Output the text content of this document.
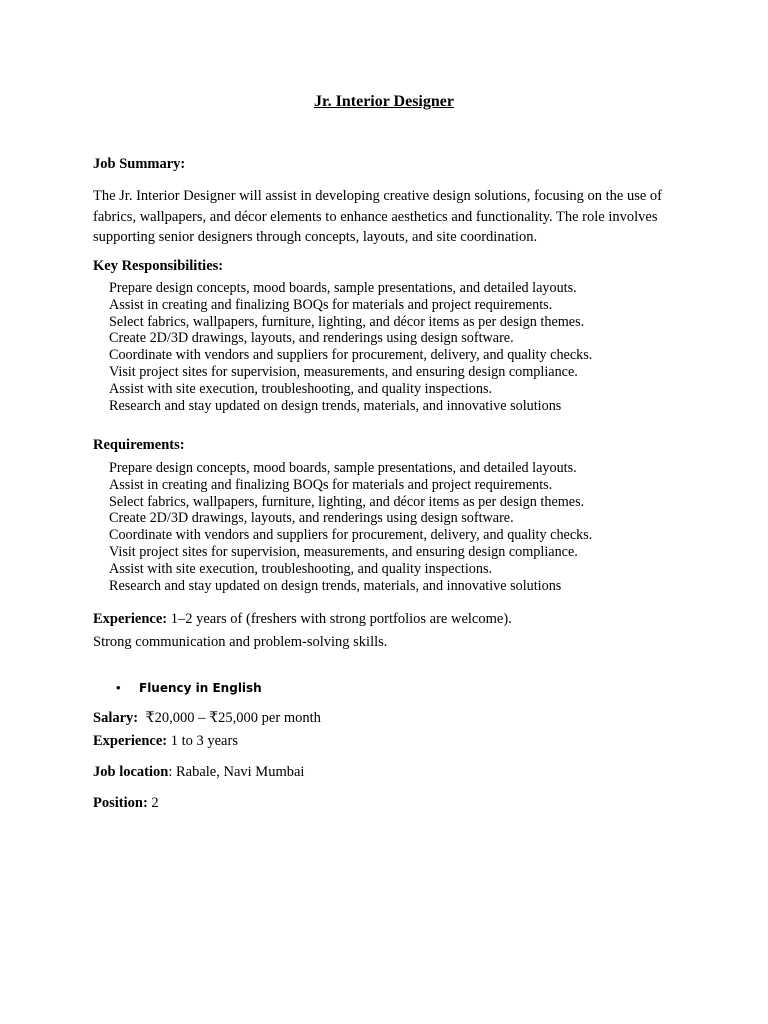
Jr. Interior Designer
Job Summary:
The Jr. Interior Designer will assist in developing creative design solutions, focusing on the use of fabrics, wallpapers, and décor elements to enhance aesthetics and functionality. The role involves supporting senior designers through concepts, layouts, and site coordination.
Key Responsibilities:
Prepare design concepts, mood boards, sample presentations, and detailed layouts.
Assist in creating and finalizing BOQs for materials and project requirements.
Select fabrics, wallpapers, furniture, lighting, and décor items as per design themes.
Create 2D/3D drawings, layouts, and renderings using design software.
Coordinate with vendors and suppliers for procurement, delivery, and quality checks.
Visit project sites for supervision, measurements, and ensuring design compliance.
Assist with site execution, troubleshooting, and quality inspections.
Research and stay updated on design trends, materials, and innovative solutions
Requirements:
Prepare design concepts, mood boards, sample presentations, and detailed layouts.
Assist in creating and finalizing BOQs for materials and project requirements.
Select fabrics, wallpapers, furniture, lighting, and décor items as per design themes.
Create 2D/3D drawings, layouts, and renderings using design software.
Coordinate with vendors and suppliers for procurement, delivery, and quality checks.
Visit project sites for supervision, measurements, and ensuring design compliance.
Assist with site execution, troubleshooting, and quality inspections.
Research and stay updated on design trends, materials, and innovative solutions
Experience: 1–2 years of (freshers with strong portfolios are welcome).
Strong communication and problem-solving skills.
• Fluency in English
Salary:  ₹20,000 – ₹25,000 per month
Experience: 1 to 3 years
Job location: Rabale, Navi Mumbai
Position: 2
